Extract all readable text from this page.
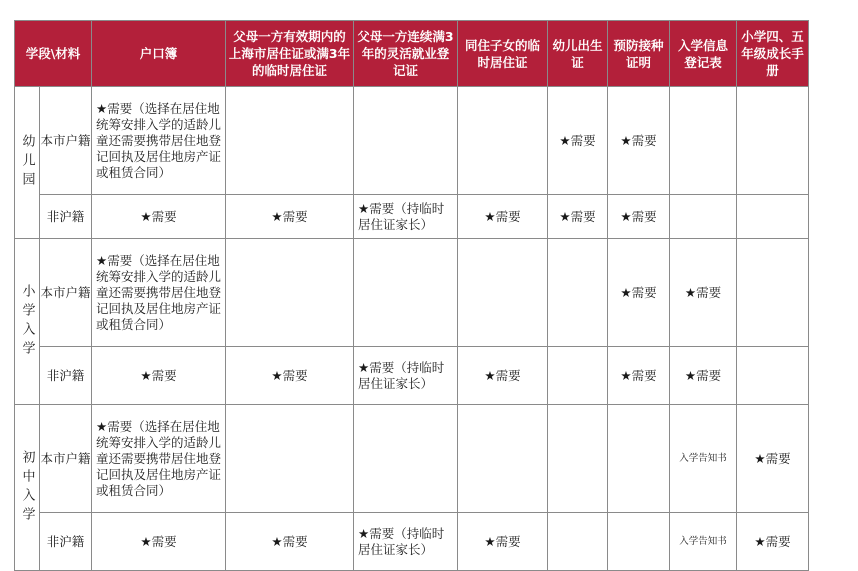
学段\材料		户口簿	父母一方有效期内的上海市居住证或满3年的临时居住证	父母一方连续满3年的灵活就业登记证	同住子女的临时居住证	幼儿出生证	预防接种证明	入学信息登记表	小学四、五年级成长手册
幼儿园	本市户籍	★需要（选择在居住地统筹安排入学的适龄儿童还需要携带居住地登记回执及居住地房产证或租赁合同）				★需要	★需要		
	非沪籍	★需要	★需要	★需要（持临时居住证家长）	★需要	★需要	★需要		
小学入学	本市户籍	★需要（选择在居住地统筹安排入学的适龄儿童还需要携带居住地登记回执及居住地房产证或租赁合同）					★需要	★需要	
	非沪籍	★需要	★需要	★需要（持临时居住证家长）	★需要		★需要	★需要	
初中入学	本市户籍	★需要（选择在居住地统筹安排入学的适龄儿童还需要携带居住地登记回执及居住地房产证或租赁合同）						入学告知书	★需要
	非沪籍	★需要	★需要	★需要（持临时居住证家长）	★需要			入学告知书	★需要
